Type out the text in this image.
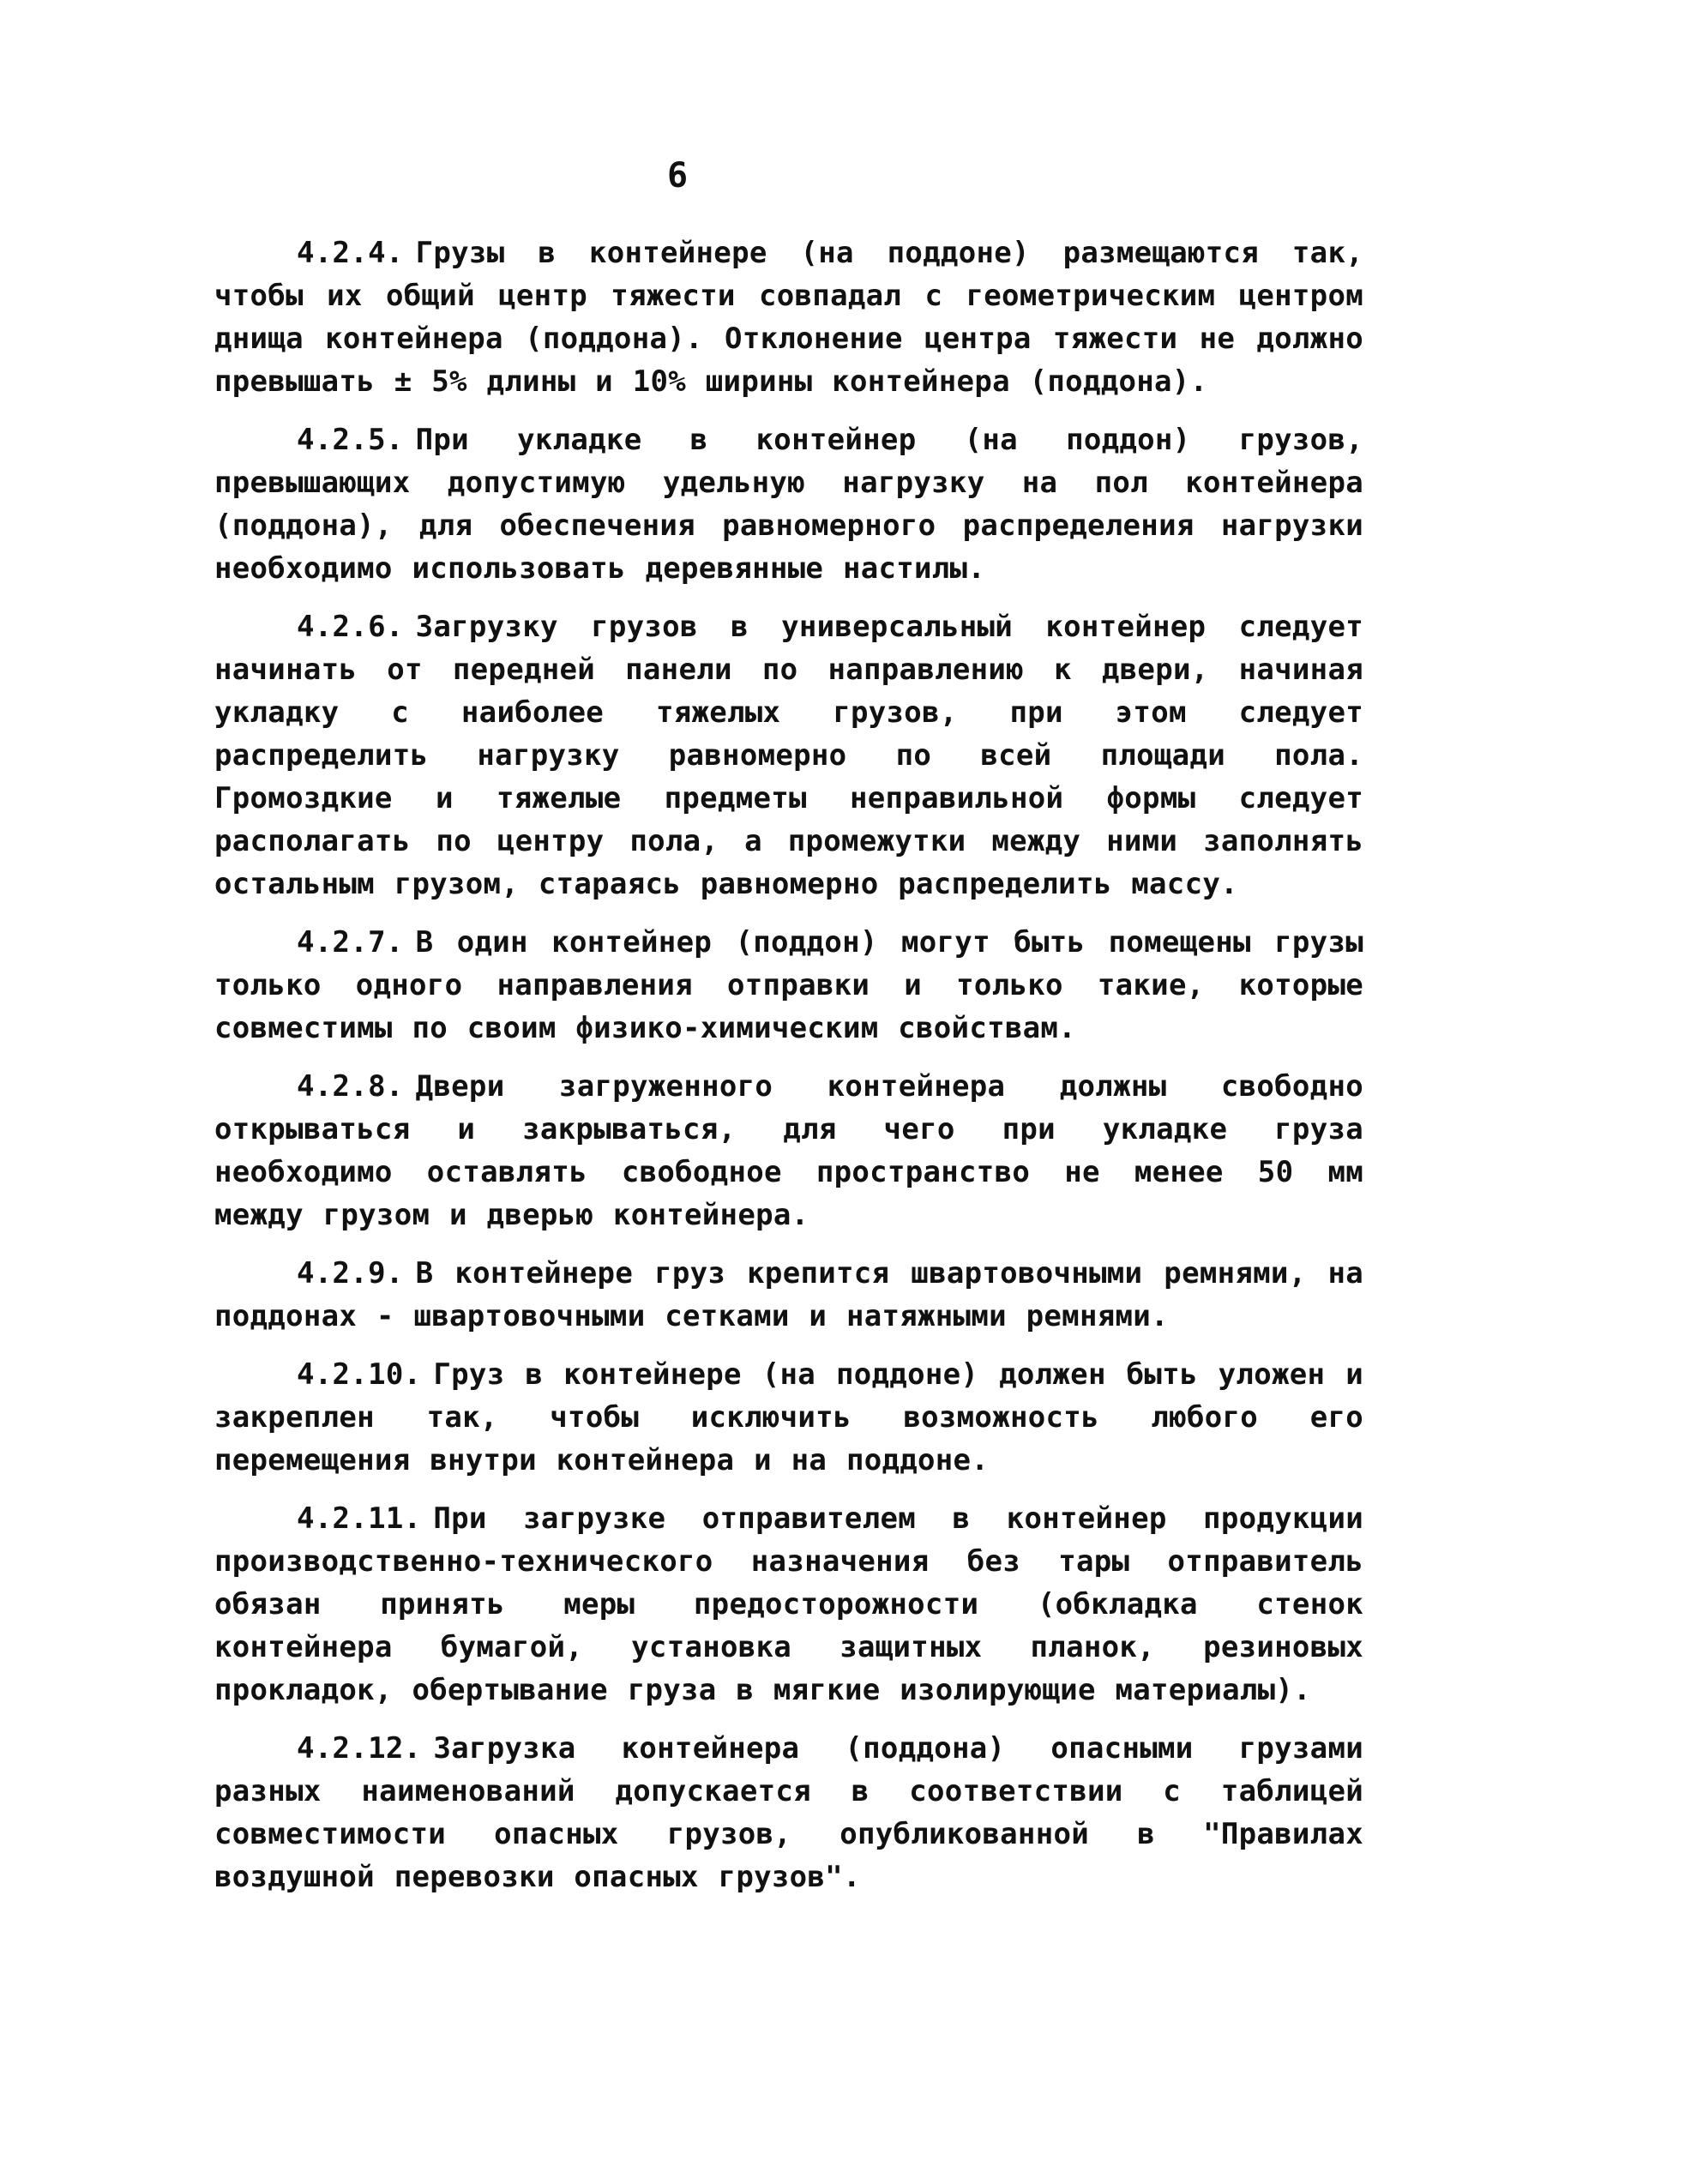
6

4.2.4. Грузы в контейнере (на поддоне) размещаются так, чтобы их общий центр тяжести совпадал с геометрическим центром днища контейнера (поддона). Отклонение центра тяжести не должно превышать ± 5% длины и 10% ширины контейнера (поддона).

4.2.5. При укладке в контейнер (на поддон) грузов, превышающих допустимую удельную нагрузку на пол контейнера (поддона), для обеспечения равномерного распределения нагрузки необходимо использовать деревянные настилы.

4.2.6. Загрузку грузов в универсальный контейнер следует начинать от передней панели по направлению к двери, начиная укладку с наиболее тяжелых грузов, при этом следует распределить нагрузку равномерно по всей площади пола. Громоздкие и тяжелые предметы неправильной формы следует располагать по центру пола, а промежутки между ними заполнять остальным грузом, стараясь равномерно распределить массу.

4.2.7. В один контейнер (поддон) могут быть помещены грузы только одного направления отправки и только такие, которые совместимы по своим физико-химическим свойствам.

4.2.8. Двери загруженного контейнера должны свободно открываться и закрываться, для чего при укладке груза необходимо оставлять свободное пространство не менее 50 мм между грузом и дверью контейнера.

4.2.9. В контейнере груз крепится швартовочными ремнями, на поддонах - швартовочными сетками и натяжными ремнями.

4.2.10. Груз в контейнере (на поддоне) должен быть уложен и закреплен так, чтобы исключить возможность любого его перемещения внутри контейнера и на поддоне.

4.2.11. При загрузке отправителем в контейнер продукции производственно-технического назначения без тары отправитель обязан принять меры предосторожности (обкладка стенок контейнера бумагой, установка защитных планок, резиновых прокладок, обертывание груза в мягкие изолирующие материалы).

4.2.12. Загрузка контейнера (поддона) опасными грузами разных наименований допускается в соответствии с таблицей совместимости опасных грузов, опубликованной в "Правилах воздушной перевозки опасных грузов".
